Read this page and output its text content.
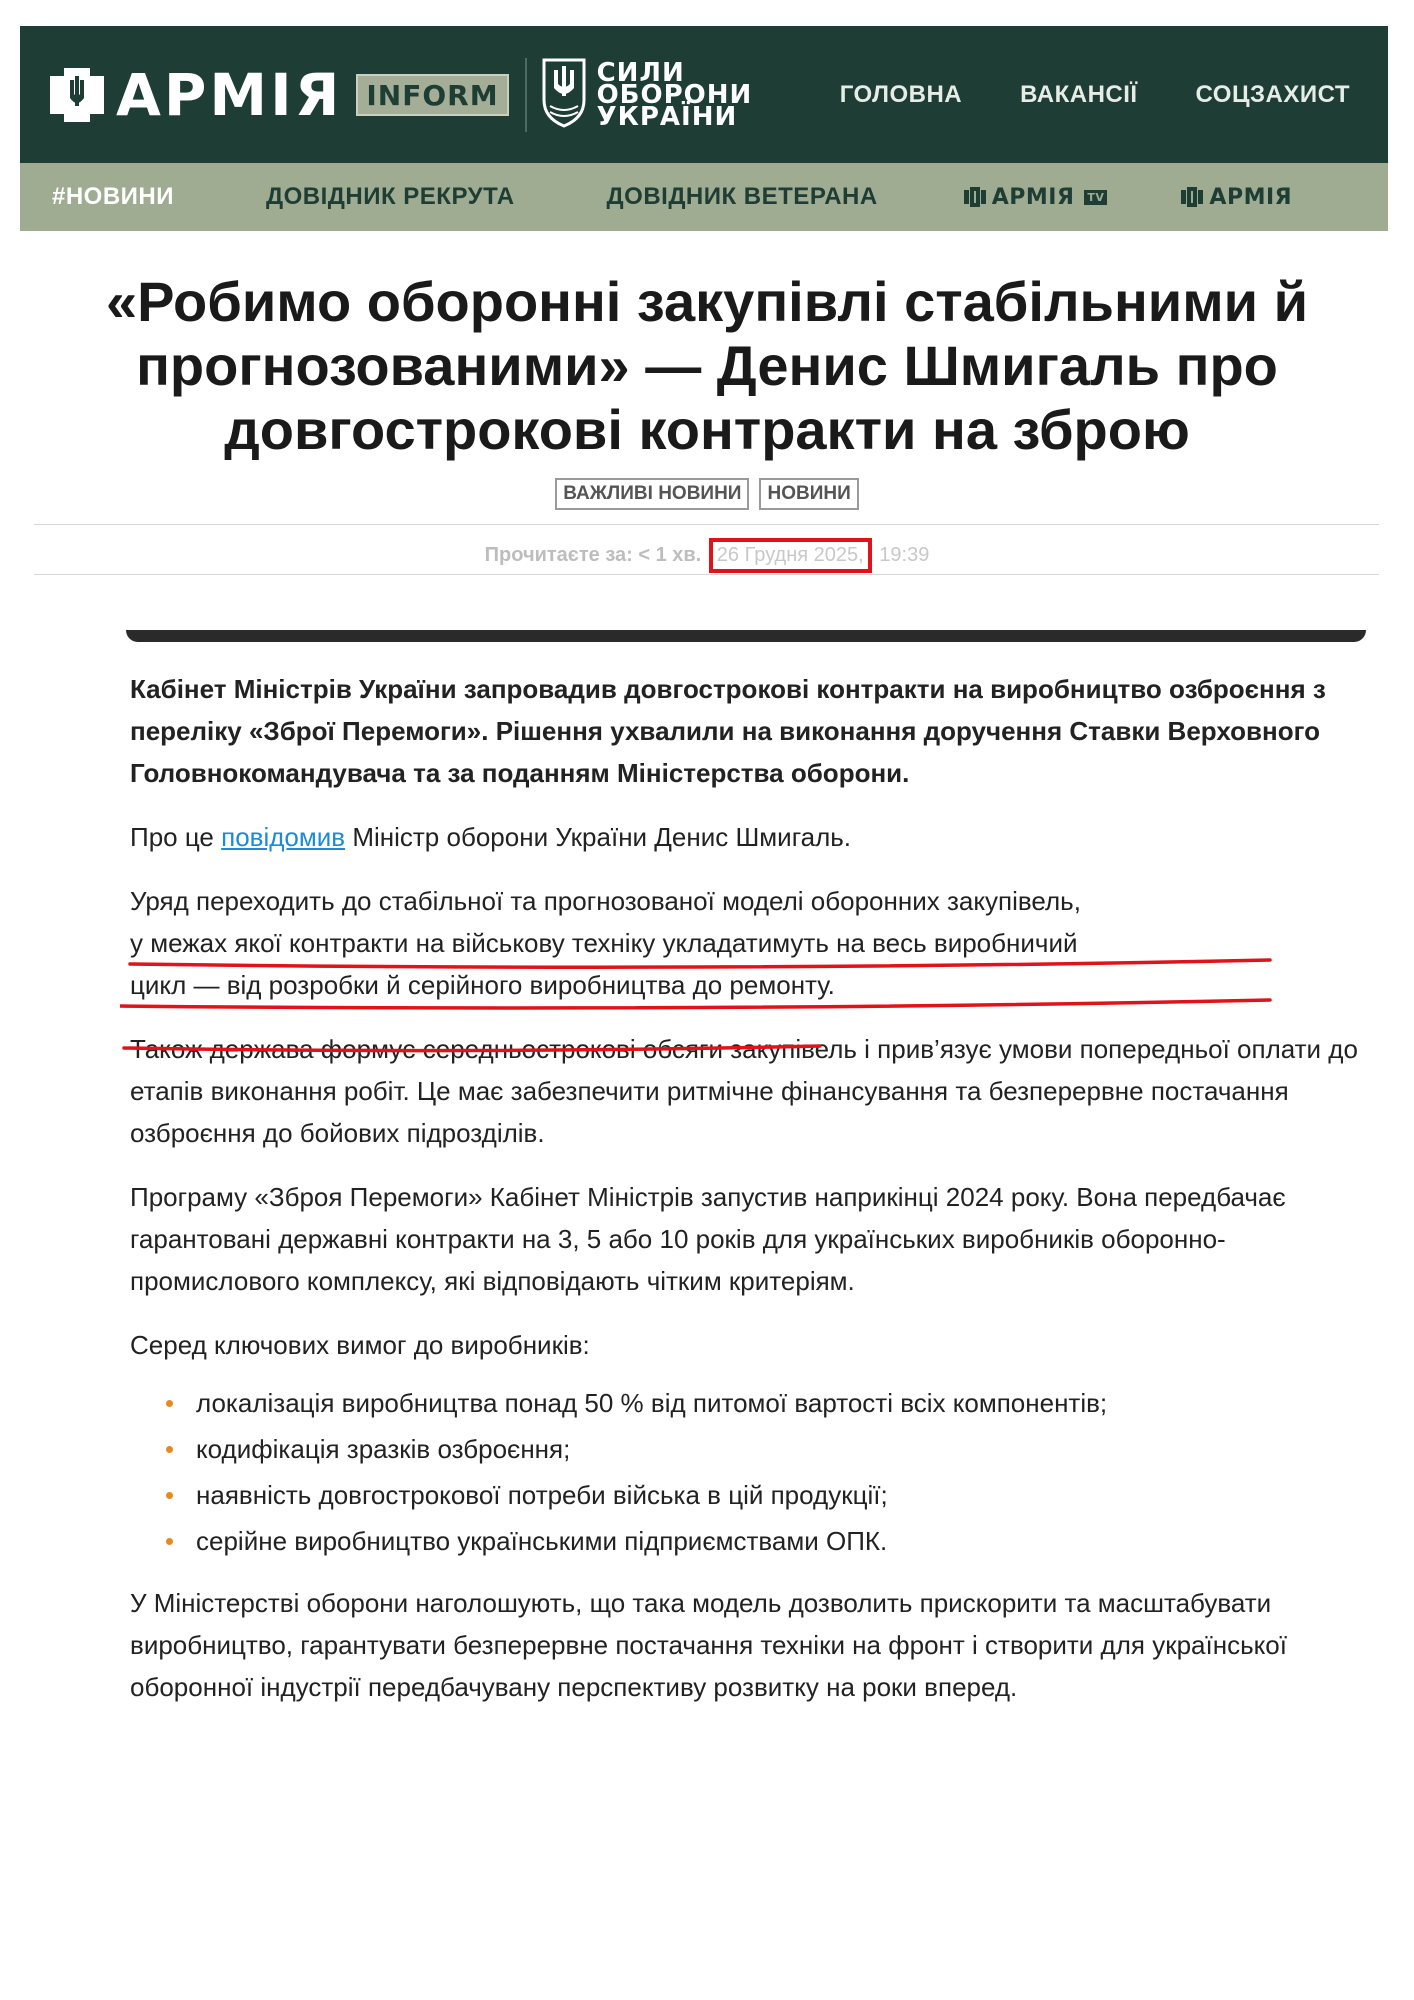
АРМІЯ INFORM
СИЛИ
ОБОРОНИ
УКРАЇНИ
ГОЛОВНА ВАКАНСІЇ СОЦЗАХИСТ
#НОВИНИ	ДОВІДНИК РЕКРУТА	ДОВІДНИК ВЕТЕРАНА	АРМІЯ TV	АРМІЯ
«Робимо оборонні закупівлі стабільними й прогнозованими» — Денис Шмигаль про довгострокові контракти на зброю
ВАЖЛИВІ НОВИНИ	НОВИНИ
Прочитаєте за: < 1 хв. 26 Грудня 2025, 19:39

Кабінет Міністрів України запровадив довгострокові контракти на виробництво озброєння з переліку «Зброї Перемоги». Рішення ухвалили на виконання доручення Ставки Верховного Головнокомандувача та за поданням Міністерства оборони.

Про це повідомив Міністр оборони України Денис Шмигаль.

Уряд переходить до стабільної та прогнозованої моделі оборонних закупівель,
у межах якої контракти на військову техніку укладатимуть на весь виробничий
цикл — від розробки й серійного виробництва до ремонту.

Також держава формує середньострокові обсяги закупівель і прив’язує умови попередньої оплати до етапів виконання робіт. Це має забезпечити ритмічне фінансування та безперервне постачання озброєння до бойових підрозділів.

Програму «Зброя Перемоги» Кабінет Міністрів запустив наприкінці 2024 року. Вона передбачає гарантовані державні контракти на 3, 5 або 10 років для українських виробників оборонно-промислового комплексу, які відповідають чітким критеріям.

Серед ключових вимог до виробників:

локалізація виробництва понад 50 % від питомої вартості всіх компонентів;
кодифікація зразків озброєння;
наявність довгострокової потреби війська в цій продукції;
серійне виробництво українськими підприємствами ОПК.

У Міністерстві оборони наголошують, що така модель дозволить прискорити та масштабувати виробництво, гарантувати безперервне постачання техніки на фронт і створити для української оборонної індустрії передбачувану перспективу розвитку на роки вперед.
